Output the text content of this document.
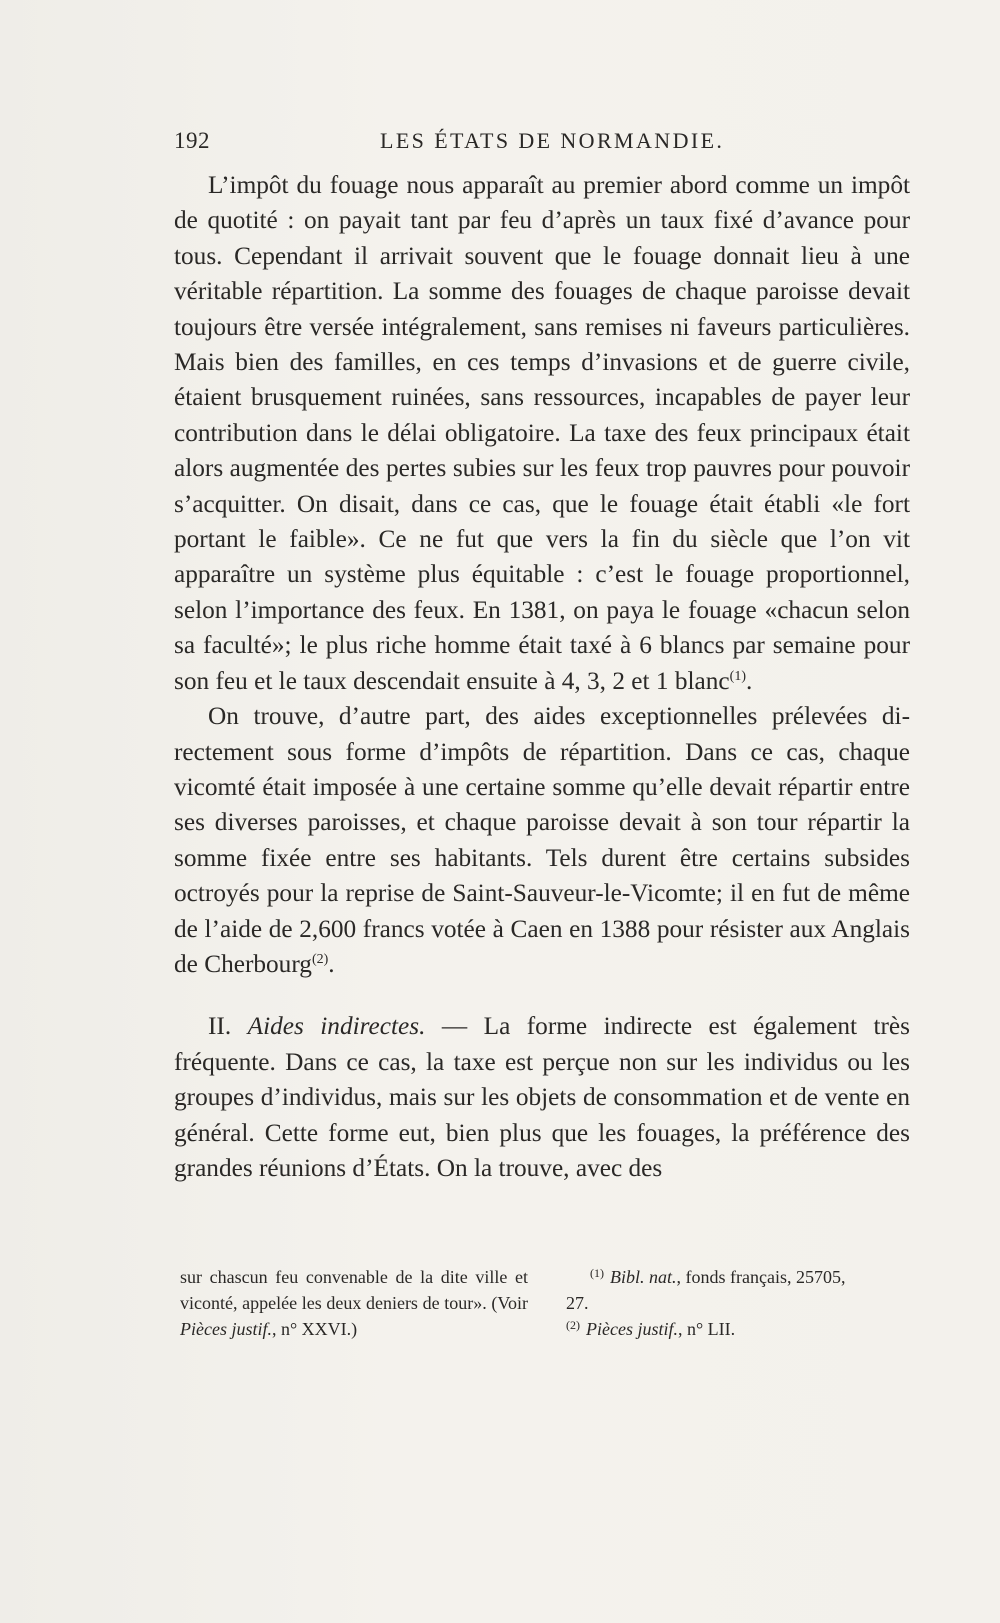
192	LES ÉTATS DE NORMANDIE.

L’impôt du fouage nous apparaît au premier abord comme un impôt de quotité : on payait tant par feu d’après un taux fixé d’avance pour tous. Cependant il arrivait souvent que le fouage donnait lieu à une véritable répartition. La somme des fouages de chaque paroisse devait toujours être versée intégralement, sans remises ni faveurs particulières. Mais bien des familles, en ces temps d’invasions et de guerre civile, étaient brusquement ruinées, sans ressources, incapables de payer leur contribution dans le délai obligatoire. La taxe des feux principaux était alors augmentée des pertes subies sur les feux trop pauvres pour pouvoir s’acquitter. On disait, dans ce cas, que le fouage était établi «le fort portant le faible». Ce ne fut que vers la fin du siècle que l’on vit apparaître un système plus équitable : c’est le fouage proportionnel, selon l’importance des feux. En 1381, on paya le fouage «chacun selon sa faculté»; le plus riche homme était taxé à 6 blancs par semaine pour son feu et le taux descendait ensuite à 4, 3, 2 et 1 blanc$^{(1)}$.

On trouve, d’autre part, des aides exceptionnelles prélevées directement sous forme d’impôts de répartition. Dans ce cas, chaque vicomté était imposée à une certaine somme qu’elle devait répartir entre ses diverses paroisses, et chaque paroisse devait à son tour répartir la somme fixée entre ses habitants. Tels durent être certains subsides octroyés pour la reprise de Saint-Sauveur-le-Vicomte; il en fut de même de l’aide de 2,600 francs votée à Caen en 1388 pour résister aux Anglais de Cherbourg$^{(2)}$.

II. Aides indirectes. — La forme indirecte est également très fréquente. Dans ce cas, la taxe est perçue non sur les individus ou les groupes d’individus, mais sur les objets de consommation et de vente en général. Cette forme eut, bien plus que les fouages, la préférence des grandes réunions d’États. On la trouve, avec des

sur chascun feu convenable de la dite ville et viconté, appelée les deux deniers de tour». (Voir Pièces justif., n° XXVI.)

$^{(1)}$ Bibl. nat., fonds français, 25705,

27.

$^{(2)}$ Pièces justif., n° LII.
